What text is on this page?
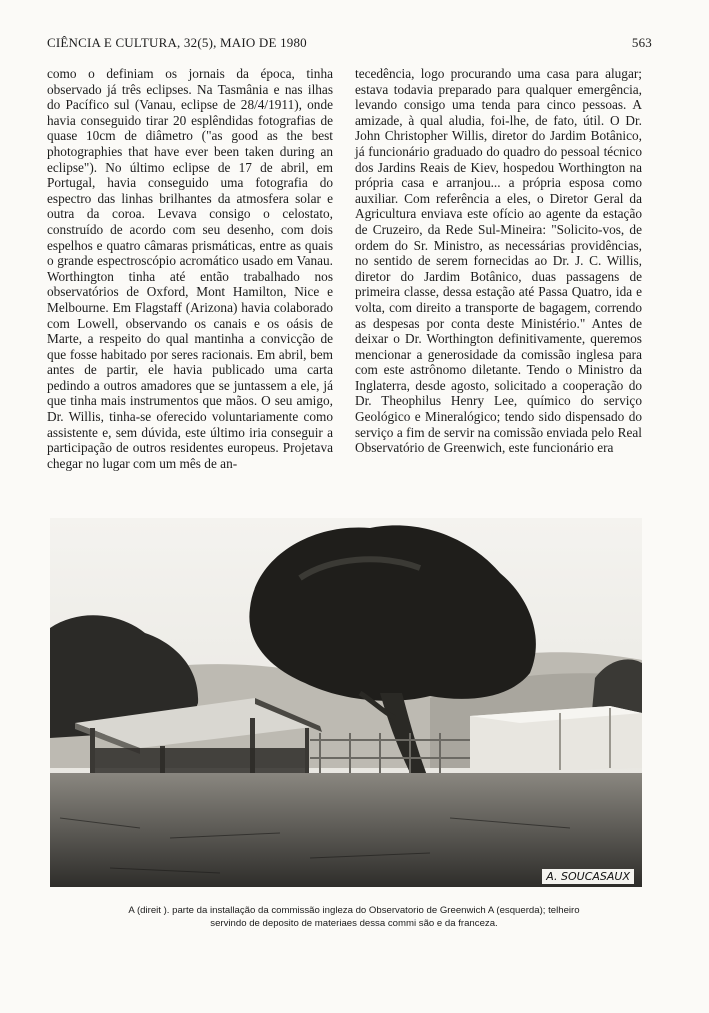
CIÊNCIA E CULTURA, 32(5), MAIO DE 1980	563

como o definiam os jornais da época, tinha observado já três eclipses. Na Tasmânia e nas ilhas do Pacífico sul (Vanau, eclipse de 28/4/1911), onde havia conseguido tirar 20 esplêndidas fotografias de quase 10cm de diâmetro ("as good as the best photographies that have ever been taken during an eclipse"). No último eclipse de 17 de abril, em Portugal, havia conseguido uma fotografia do espectro das linhas brilhantes da atmosfera solar e outra da coroa. Levava consigo o celostato, construído de acordo com seu desenho, com dois espelhos e quatro câmaras prismáticas, entre as quais o grande espectroscópio acromático usado em Vanau. Worthington tinha até então trabalhado nos observatórios de Oxford, Mont Hamilton, Nice e Melbourne. Em Flagstaff (Arizona) havia colaborado com Lowell, observando os canais e os oásis de Marte, a respeito do qual mantinha a convicção de que fosse habitado por seres racionais. Em abril, bem antes de partir, ele havia publicado uma carta pedindo a outros amadores que se juntassem a ele, já que tinha mais instrumentos que mãos. O seu amigo, Dr. Willis, tinha-se oferecido voluntariamente como assistente e, sem dúvida, este último iria conseguir a participação de outros residentes europeus. Projetava chegar no lugar com um mês de an-

tecedência, logo procurando uma casa para alugar; estava todavia preparado para qualquer emergência, levando consigo uma tenda para cinco pessoas. A amizade, à qual aludia, foi-lhe, de fato, útil. O Dr. John Christopher Willis, diretor do Jardim Botânico, já funcionário graduado do quadro do pessoal técnico dos Jardins Reais de Kiev, hospedou Worthington na própria casa e arranjou... a própria esposa como auxiliar. Com referência a eles, o Diretor Geral da Agricultura enviava este ofício ao agente da estação de Cruzeiro, da Rede Sul-Mineira: "Solicito-vos, de ordem do Sr. Ministro, as necessárias providências, no sentido de serem fornecidas ao Dr. J. C. Willis, diretor do Jardim Botânico, duas passagens de primeira classe, dessa estação até Passa Quatro, ida e volta, com direito a transporte de bagagem, correndo as despesas por conta deste Ministério." Antes de deixar o Dr. Worthington definitivamente, queremos mencionar a generosidade da comissão inglesa para com este astrônomo diletante. Tendo o Ministro da Inglaterra, desde agosto, solicitado a cooperação do Dr. Theophilus Henry Lee, químico do serviço Geológico e Mineralógico; tendo sido dispensado do serviço a fim de servir na comissão enviada pelo Real Observatório de Greenwich, este funcionário era

A. SOUCASAUX

A (direit ). parte da installação da commissão ingleza do Observatorio de Greenwich A (esquerda); telheiro

servindo de deposito de materiaes dessa commi são e da franceza.
